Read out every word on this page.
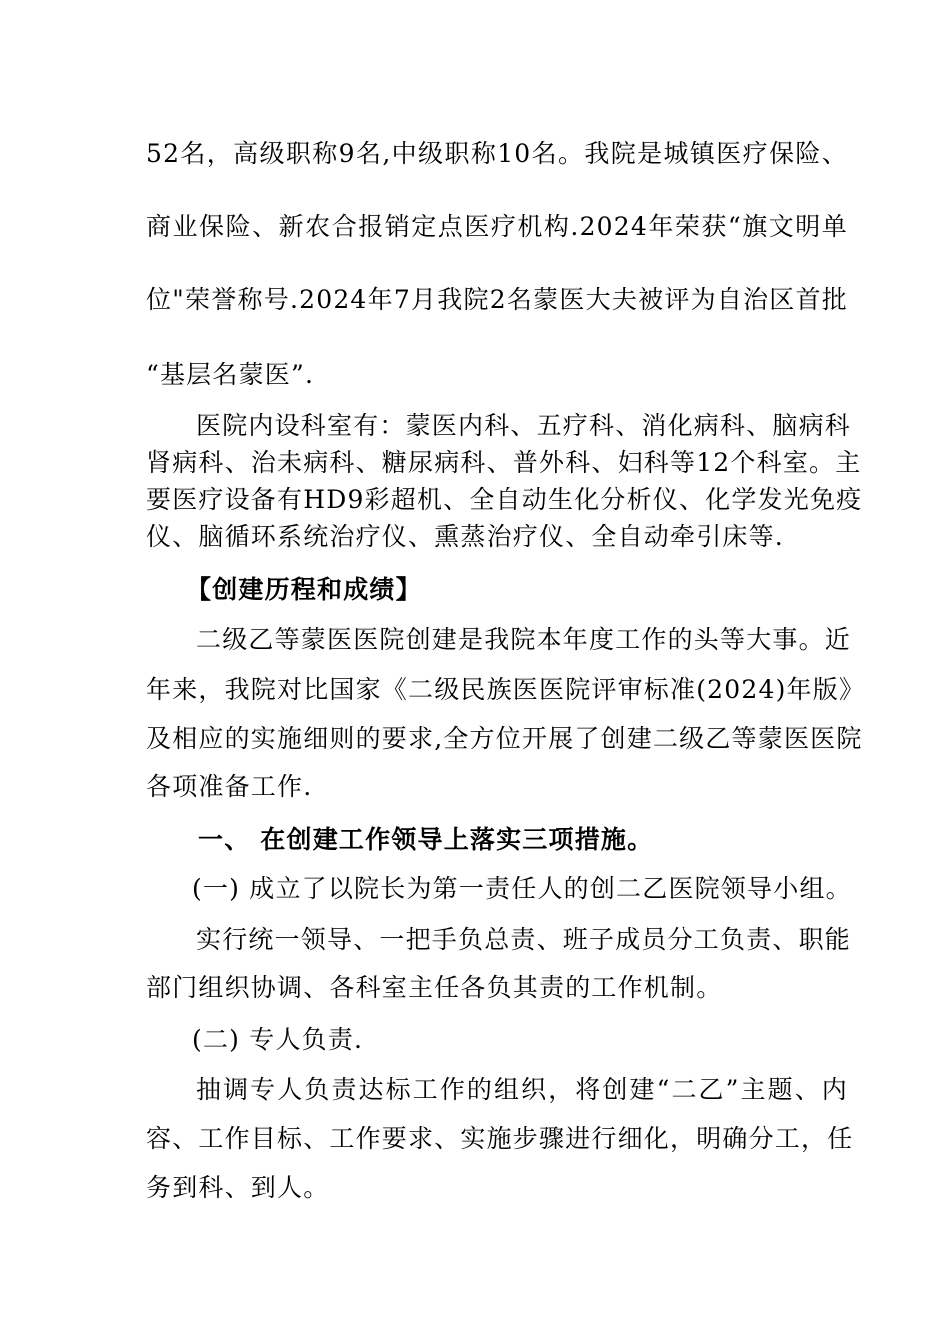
52名，高级职称9名,中级职称10名。我院是城镇医疗保险、
商业保险、新农合报销定点医疗机构.2024年荣获“旗文明单
位"荣誉称号.2024年7月我院2名蒙医大夫被评为自治区首批
“基层名蒙医”.
医院内设科室有：蒙医内科、五疗科、消化病科、脑病科
肾病科、治未病科、糖尿病科、普外科、妇科等12个科室。主
要医疗设备有HD9彩超机、全自动生化分析仪、化学发光免疫
仪、脑循环系统治疗仪、熏蒸治疗仪、全自动牵引床等.
【创建历程和成绩】
二级乙等蒙医医院创建是我院本年度工作的头等大事。近
年来，我院对比国家《二级民族医医院评审标准(2024)年版》
及相应的实施细则的要求,全方位开展了创建二级乙等蒙医医院
各项准备工作.
一、 在创建工作领导上落实三项措施。
(一) 成立了以院长为第一责任人的创二乙医院领导小组。
实行统一领导、一把手负总责、班子成员分工负责、职能
部门组织协调、各科室主任各负其责的工作机制。
(二) 专人负责.
抽调专人负责达标工作的组织，将创建“二乙”主题、内
容、工作目标、工作要求、实施步骤进行细化，明确分工，任
务到科、到人。
